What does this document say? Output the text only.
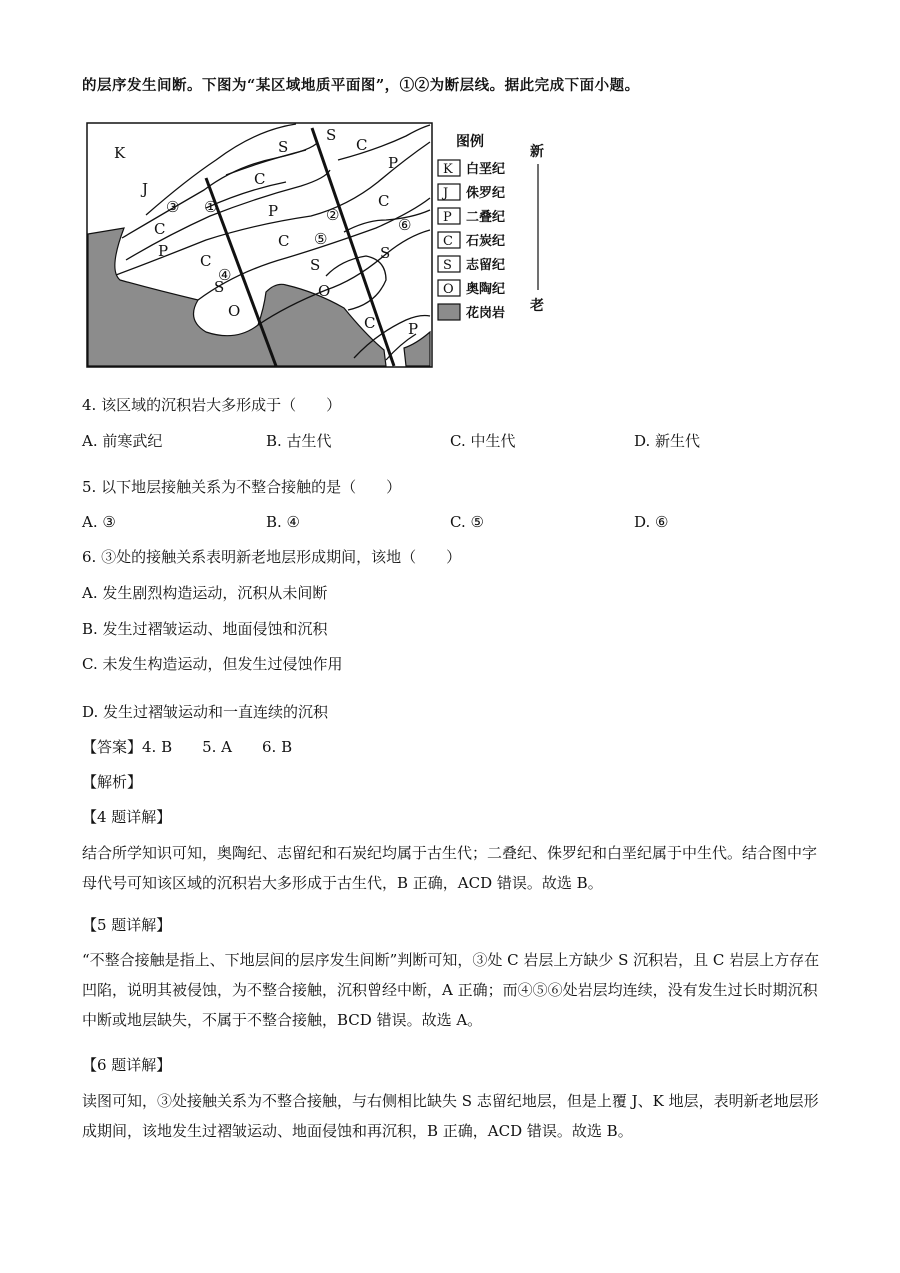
的层序发生间断。下图为“某区域地质平面图”，①②为断层线。据此完成下面小题。
K
J
C
P
C
S
O
S
C
P
C
S
O
S
C
P
C
S
C P
③ ①	②
④
⑤
⑥
图例
K 白垩纪
J 侏罗纪
P 二叠纪
C 石炭纪
S 志留纪
O 奥陶纪
花岗岩
新
老
4. 该区域的沉积岩大多形成于（　　）
A. 前寒武纪	B. 古生代	C. 中生代	D. 新生代
5. 以下地层接触关系为不整合接触的是（　　）
A. ③	B. ④	C. ⑤	D. ⑥
6. ③处的接触关系表明新老地层形成期间，该地（　　）
A. 发生剧烈构造运动，沉积从未间断
B. 发生过褶皱运动、地面侵蚀和沉积
C. 未发生构造运动，但发生过侵蚀作用
D. 发生过褶皱运动和一直连续的沉积
【答案】4. B　　5. A　　6. B
【解析】
【4 题详解】
结合所学知识可知，奥陶纪、志留纪和石炭纪均属于古生代；二叠纪、侏罗纪和白垩纪属于中生代。结合图中字母代号可知该区域的沉积岩大多形成于古生代，B 正确，ACD 错误。故选 B。
【5 题详解】
“不整合接触是指上、下地层间的层序发生间断”判断可知，③处 C 岩层上方缺少 S 沉积岩，且 C 岩层上方存在凹陷，说明其被侵蚀，为不整合接触，沉积曾经中断，A 正确；而④⑤⑥处岩层均连续，没有发生过长时期沉积中断或地层缺失，不属于不整合接触，BCD 错误。故选 A。
【6 题详解】
读图可知，③处接触关系为不整合接触，与右侧相比缺失 S 志留纪地层，但是上覆 J、K 地层，表明新老地层形成期间，该地发生过褶皱运动、地面侵蚀和再沉积，B 正确，ACD 错误。故选 B。
